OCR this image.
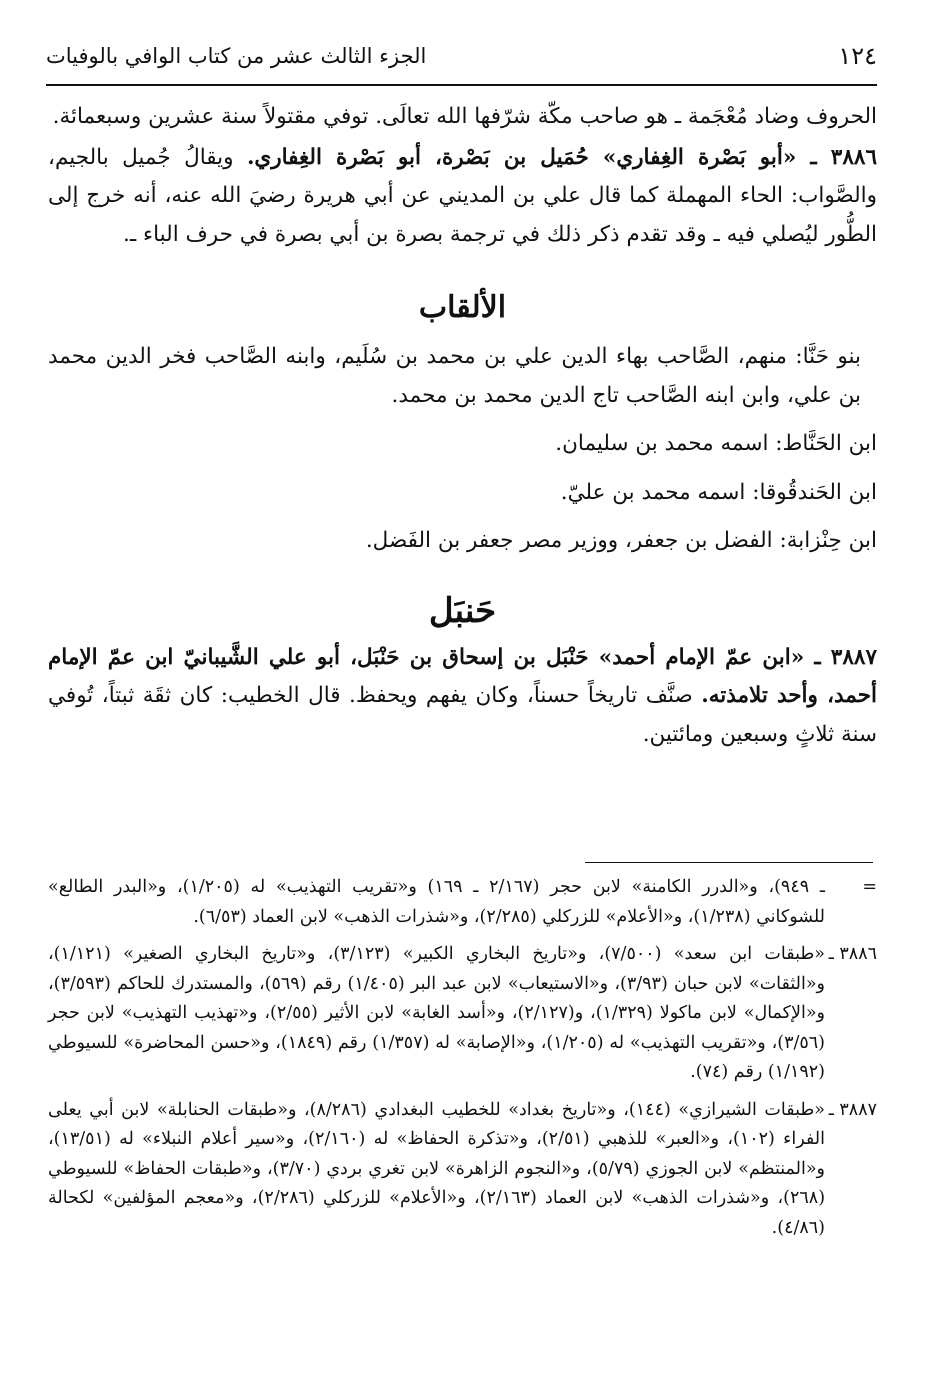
١٢٤
الجزء الثالث عشر من كتاب الوافي بالوفيات

الحروف وضاد مُعْجَمة ـ هو صاحب مكّة شرّفها الله تعالَى. توفي مقتولاً سنة عشرين وسبعمائة.

٣٨٨٦ ـ «أبو بَصْرة الغِفاري» حُمَيل بن بَصْرة، أبو بَصْرة الغِفاري. ويقالُ جُميل بالجيم، والصَّواب: الحاء المهملة كما قال علي بن المديني عن أبي هريرة رضيَ الله عنه، أنه خرج إلى الطُّور ليُصلي فيه ـ وقد تقدم ذكر ذلك في ترجمة بصرة بن أبي بصرة في حرف الباء ـ.

الألقاب

بنو حَنَّا: منهم، الصَّاحب بهاء الدين علي بن محمد بن سُلَيم، وابنه الصَّاحب فخر الدين محمد بن علي، وابن ابنه الصَّاحب تاج الدين محمد بن محمد.

ابن الحَنَّاط: اسمه محمد بن سليمان.

ابن الحَندقُوقا: اسمه محمد بن عليّ.

ابن حِنْزابة: الفضل بن جعفر، ووزير مصر جعفر بن الفَضل.

حَنبَل

٣٨٨٧ ـ «ابن عمّ الإمام أحمد» حَنْبَل بن إسحاق بن حَنْبَل، أبو علي الشَّيبانيّ ابن عمّ الإمام أحمد، وأحد تلامذته. صنَّف تاريخاً حسناً، وكان يفهم ويحفظ. قال الخطيب: كان ثقَة ثبتاً، تُوفي سنة ثلاثٍ وسبعين ومائتين.

=
ـ ٩٤٩)، و«الدرر الكامنة» لابن حجر (٢/١٦٧ ـ ١٦٩) و«تقريب التهذيب» له (١/٢٠٥)، و«البدر الطالع» للشوكاني (١/٢٣٨)، و«الأعلام» للزركلي (٢/٢٨٥)، و«شذرات الذهب» لابن العماد (٦/٥٣).
٣٨٨٦ ـ
«طبقات ابن سعد» (٧/٥٠٠)، و«تاريخ البخاري الكبير» (٣/١٢٣)، و«تاريخ البخاري الصغير» (١/١٢١)، و«الثقات» لابن حبان (٣/٩٣)، و«الاستيعاب» لابن عبد البر (١/٤٠٥) رقم (٥٦٩)، والمستدرك للحاكم (٣/٥٩٣)، و«الإكمال» لابن ماكولا (١/٣٢٩)، و(٢/١٢٧)، و«أسد الغابة» لابن الأثير (٢/٥٥)، و«تهذيب التهذيب» لابن حجر (٣/٥٦)، و«تقريب التهذيب» له (١/٢٠٥)، و«الإصابة» له (١/٣٥٧) رقم (١٨٤٩)، و«حسن المحاضرة» للسيوطي (١/١٩٢) رقم (٧٤).
٣٨٨٧ ـ
«طبقات الشيرازي» (١٤٤)، و«تاريخ بغداد» للخطيب البغدادي (٨/٢٨٦)، و«طبقات الحنابلة» لابن أبي يعلى الفراء (١٠٢)، و«العبر» للذهبي (٢/٥١)، و«تذكرة الحفاظ» له (٢/١٦٠)، و«سير أعلام النبلاء» له (١٣/٥١)، و«المنتظم» لابن الجوزي (٥/٧٩)، و«النجوم الزاهرة» لابن تغري بردي (٣/٧٠)، و«طبقات الحفاظ» للسيوطي (٢٦٨)، و«شذرات الذهب» لابن العماد (٢/١٦٣)، و«الأعلام» للزركلي (٢/٢٨٦)، و«معجم المؤلفين» لكحالة (٤/٨٦).
